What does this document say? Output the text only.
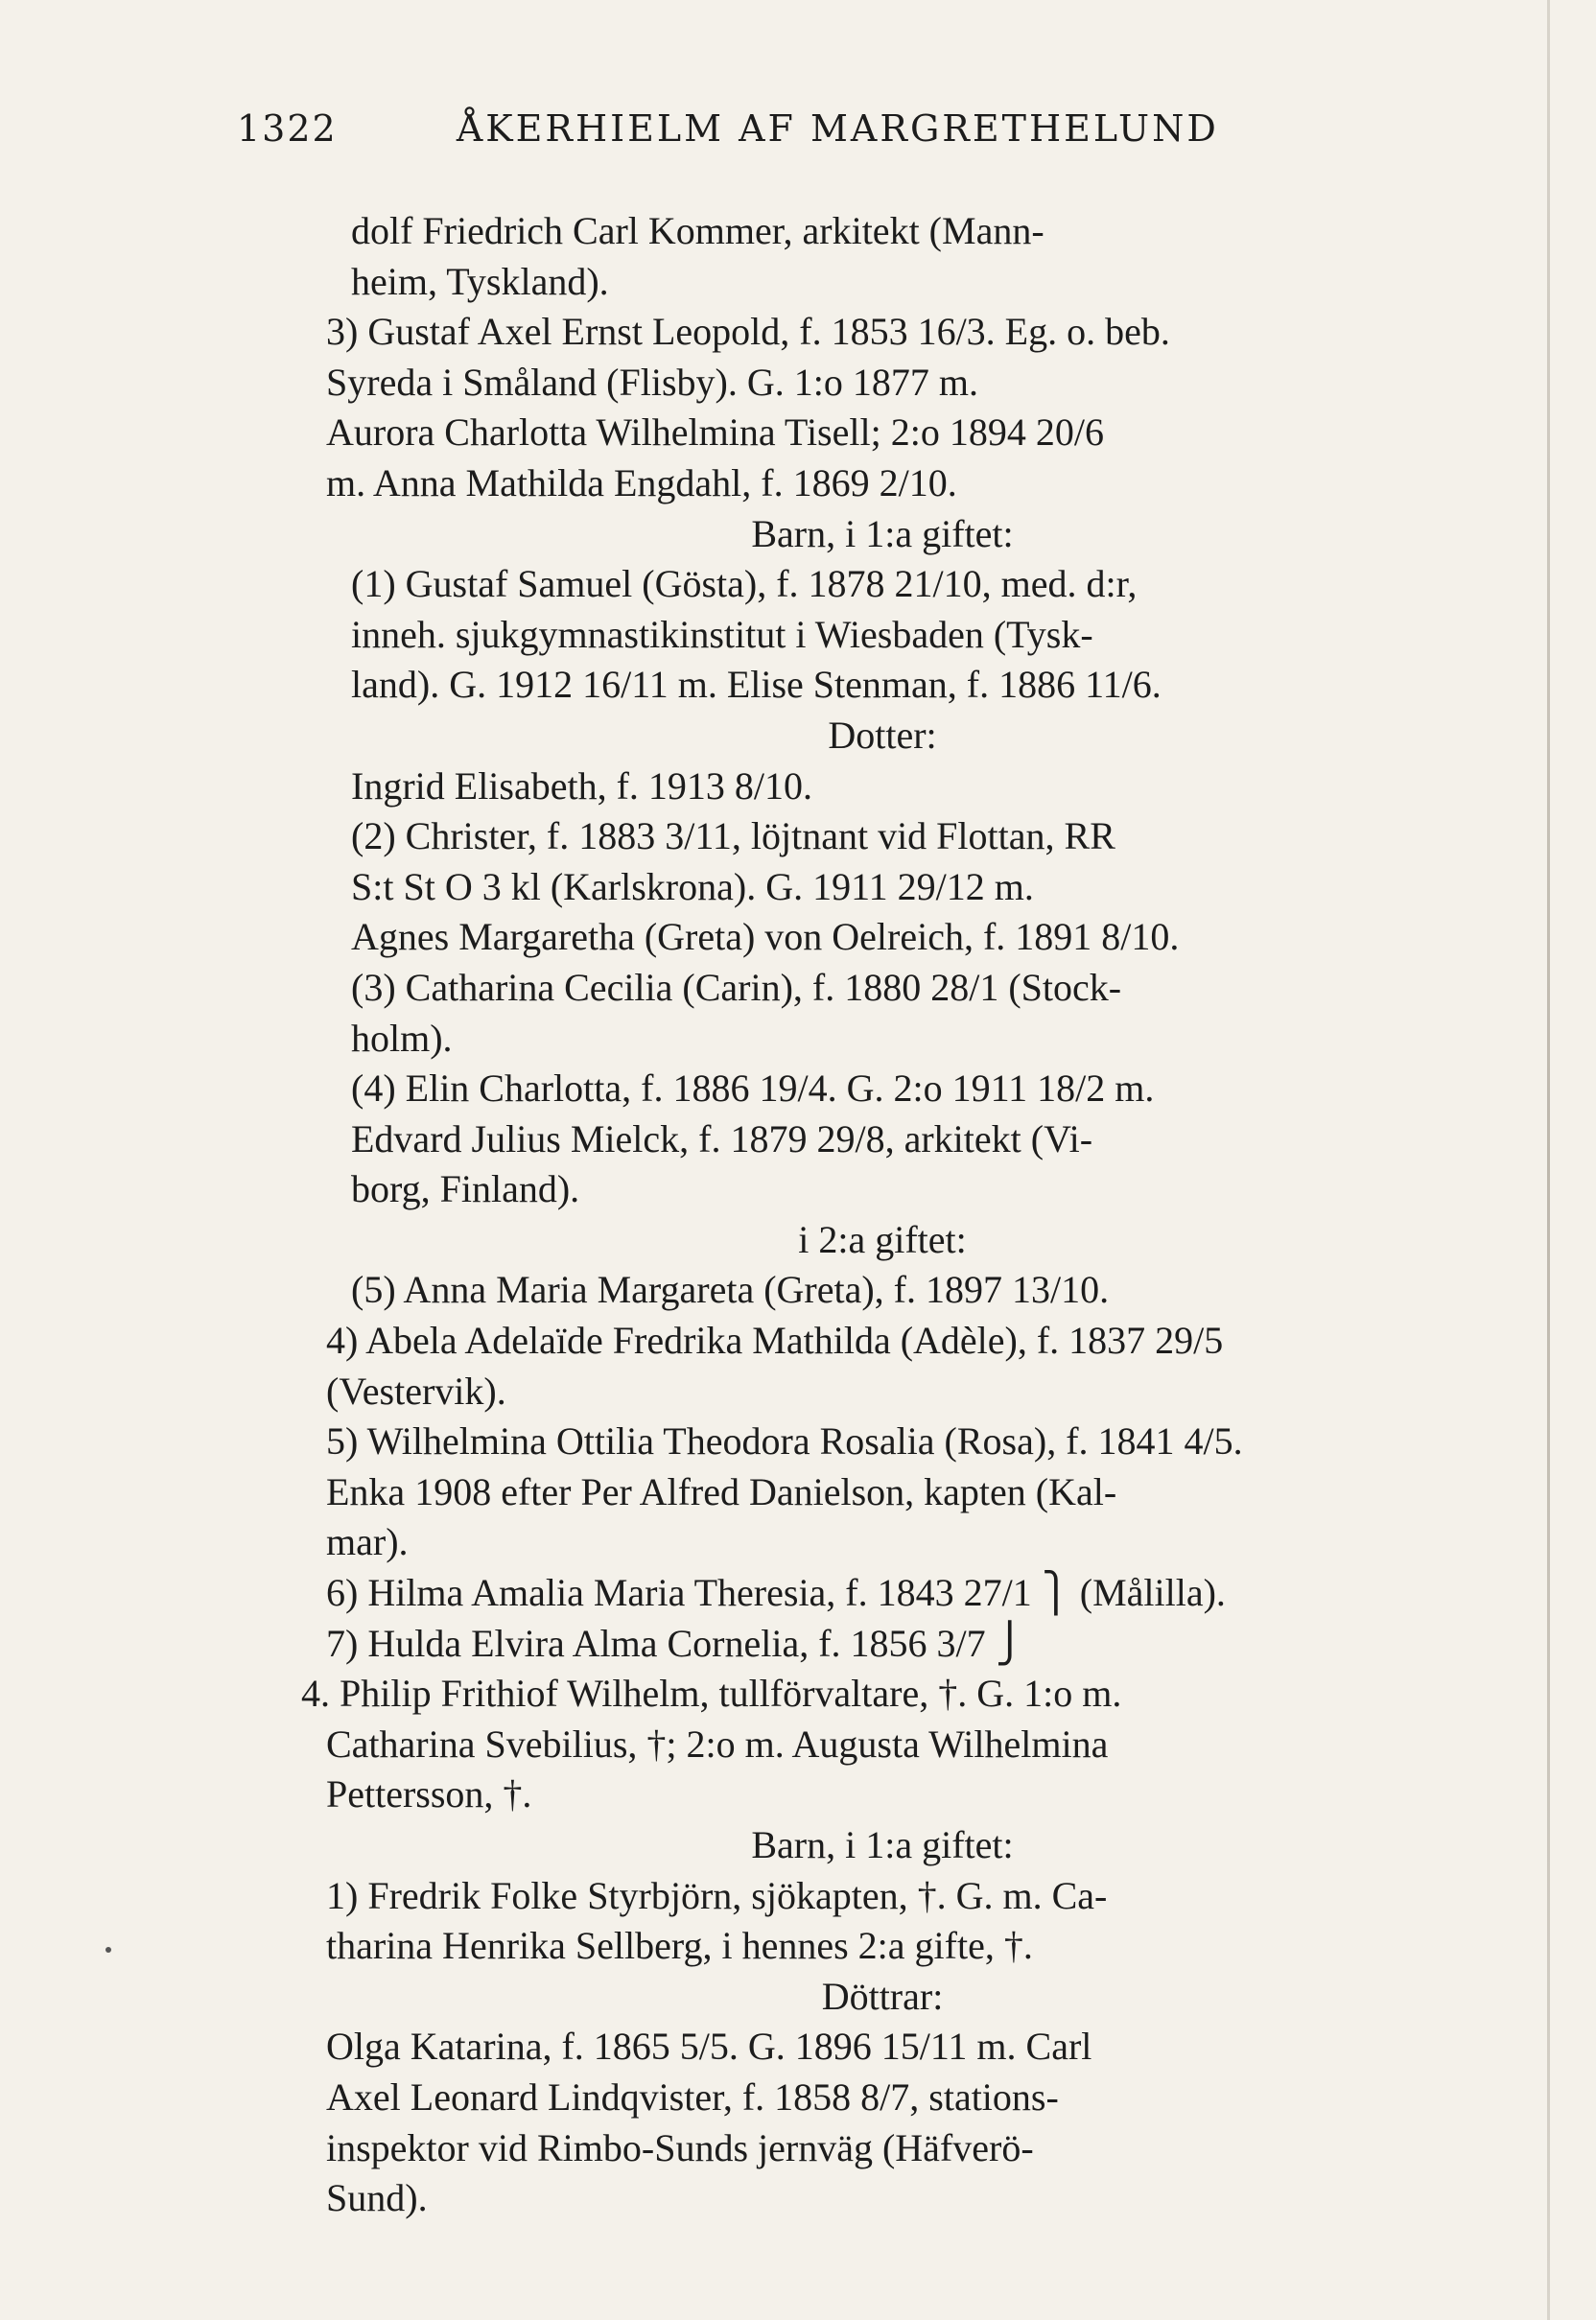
1322	ÅKERHIELM AF MARGRETHELUND
dolf Friedrich Carl Kommer, arkitekt (Mann-
heim, Tyskland).
3) Gustaf Axel Ernst Leopold, f. 1853 16/3. Eg. o. beb.
Syreda i Småland (Flisby). G. 1:o 1877 m.
Aurora Charlotta Wilhelmina Tisell; 2:o 1894 20/6
m. Anna Mathilda Engdahl, f. 1869 2/10.
Barn, i 1:a giftet:
(1) Gustaf Samuel (Gösta), f. 1878 21/10, med. d:r,
inneh. sjukgymnastikinstitut i Wiesbaden (Tysk-
land). G. 1912 16/11 m. Elise Stenman, f. 1886 11/6.
Dotter:
Ingrid Elisabeth, f. 1913 8/10.
(2) Christer, f. 1883 3/11, löjtnant vid Flottan, RR
S:t St O 3 kl (Karlskrona). G. 1911 29/12 m.
Agnes Margaretha (Greta) von Oelreich, f. 1891 8/10.
(3) Catharina Cecilia (Carin), f. 1880 28/1 (Stock-
holm).
(4) Elin Charlotta, f. 1886 19/4. G. 2:o 1911 18/2 m.
Edvard Julius Mielck, f. 1879 29/8, arkitekt (Vi-
borg, Finland).
i 2:a giftet:
(5) Anna Maria Margareta (Greta), f. 1897 13/10.
4) Abela Adelaïde Fredrika Mathilda (Adèle), f. 1837 29/5
(Vestervik).
5) Wilhelmina Ottilia Theodora Rosalia (Rosa), f. 1841 4/5.
Enka 1908 efter Per Alfred Danielson, kapten (Kal-
mar).
6) Hilma Amalia Maria Theresia, f. 1843 27/1 ⎫ (Målilla).
7) Hulda Elvira Alma Cornelia, f. 1856 3/7 ⎭
4. Philip Frithiof Wilhelm, tullförvaltare, †. G. 1:o m.
Catharina Svebilius, †; 2:o m. Augusta Wilhelmina
Pettersson, †.
Barn, i 1:a giftet:
1) Fredrik Folke Styrbjörn, sjökapten, †. G. m. Ca-
tharina Henrika Sellberg, i hennes 2:a gifte, †.
Döttrar:
Olga Katarina, f. 1865 5/5. G. 1896 15/11 m. Carl
Axel Leonard Lindqvister, f. 1858 8/7, stations-
inspektor vid Rimbo-Sunds jernväg (Häfverö-
Sund).
